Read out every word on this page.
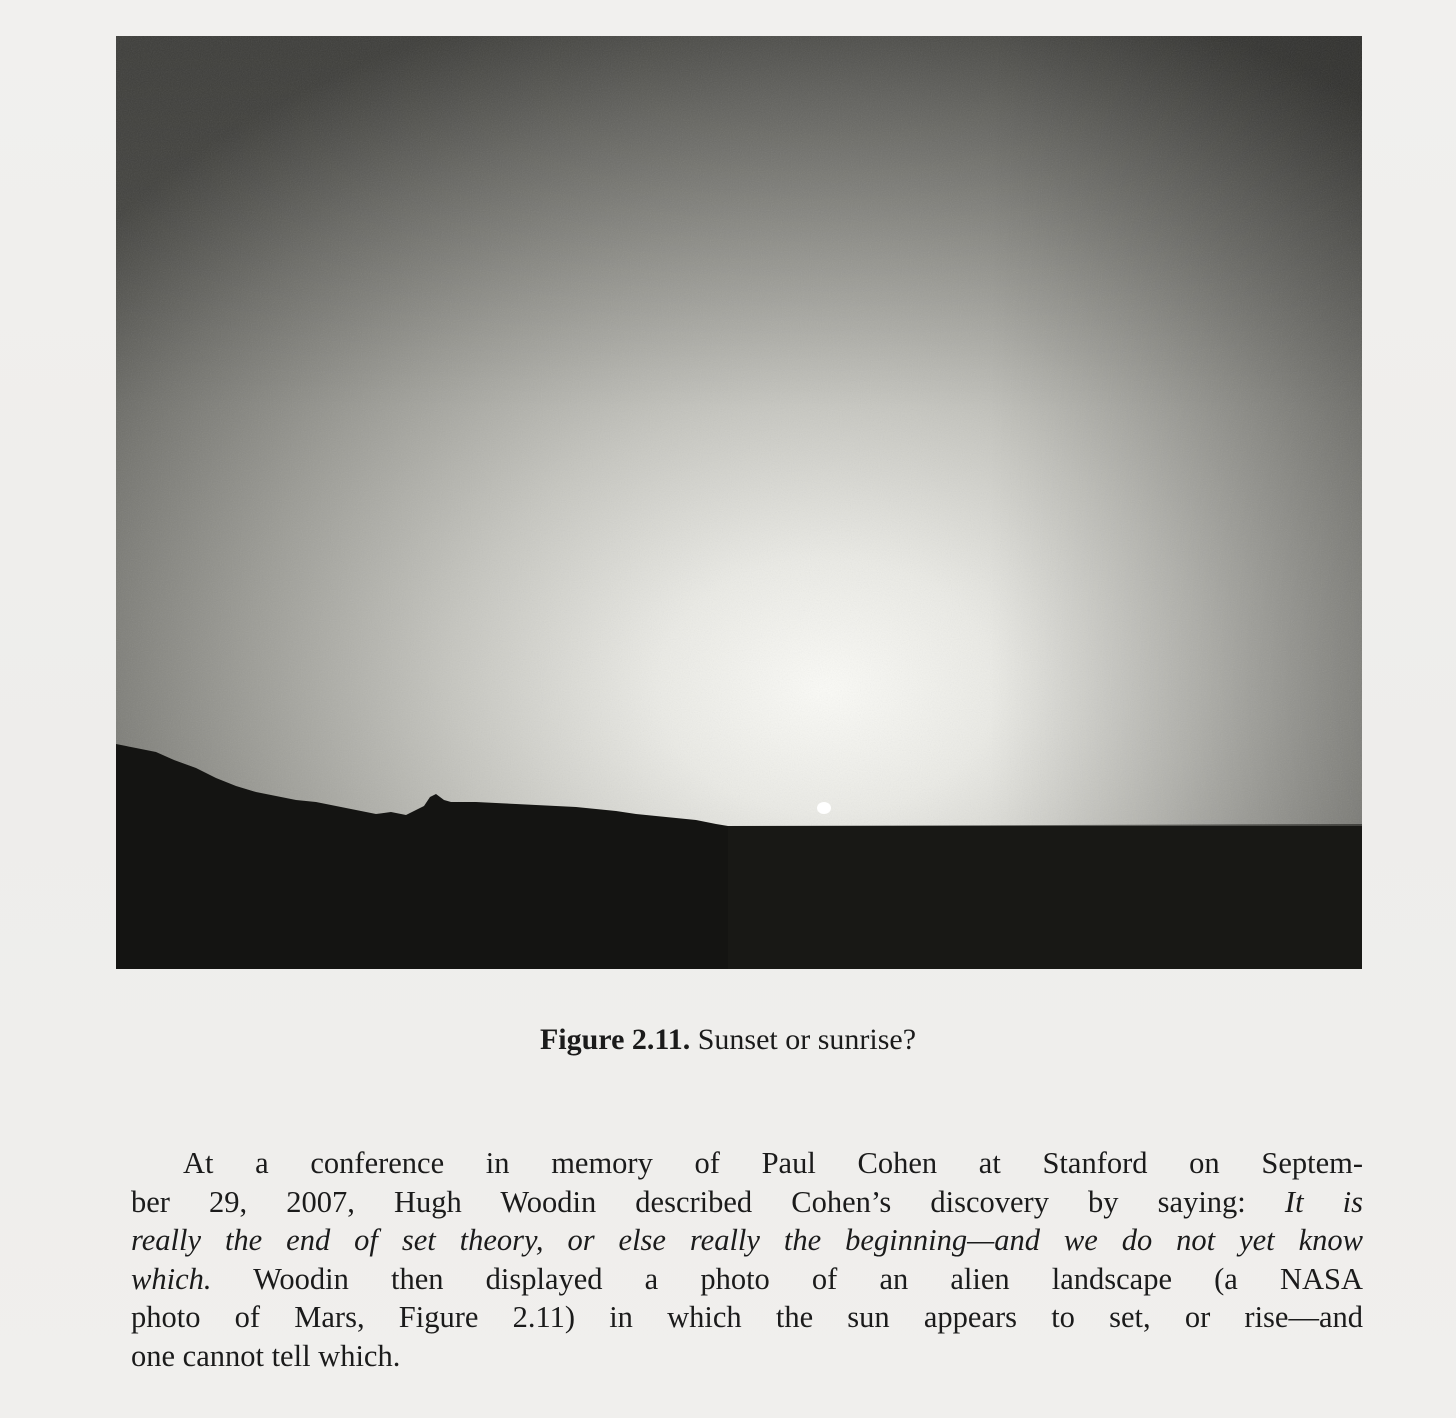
Figure 2.11. Sunset or sunrise?
At a conference in memory of Paul Cohen at Stanford on Septem-
ber 29, 2007, Hugh Woodin described Cohen’s discovery by saying: It is
really the end of set theory, or else really the beginning—and we do not yet know
which. Woodin then displayed a photo of an alien landscape (a NASA
photo of Mars, Figure 2.11) in which the sun appears to set, or rise—and
one cannot tell which.
